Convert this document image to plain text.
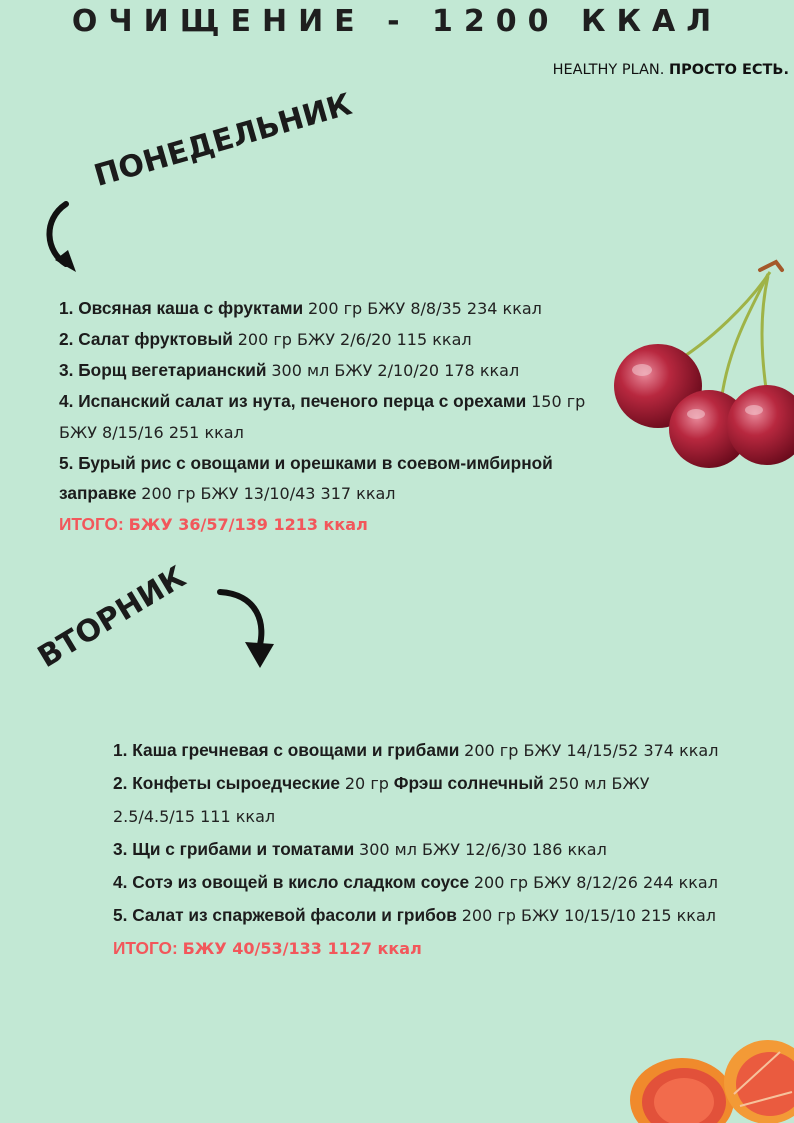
ОЧИЩЕНИЕ - 1200 ККАЛ
HEALTHY PLAN. ПРОСТО ЕСТЬ.
ПОНЕДЕЛЬНИК
1. Овсяная каша с фруктами 200 гр БЖУ 8/8/35 234 ккал
2. Салат фруктовый 200 гр БЖУ 2/6/20 115 ккал
3. Борщ вегетарианский 300 мл БЖУ 2/10/20 178 ккал
4. Испанский салат из нута, печеного перца с орехами 150 гр БЖУ 8/15/16 251 ккал
5. Бурый рис с овощами и орешками в соевом-имбирной заправке 200 гр БЖУ 13/10/43 317 ккал
ИТОГО: БЖУ 36/57/139 1213 ккал
ВТОРНИК
1. Каша гречневая с овощами и грибами 200 гр БЖУ 14/15/52 374 ккал
2. Конфеты сыроедческие 20 гр Фрэш солнечный 250 мл БЖУ 2.5/4.5/15 111 ккал
3. Щи с грибами и томатами 300 мл БЖУ 12/6/30 186 ккал
4. Сотэ из овощей в кисло сладком соусе 200 гр БЖУ 8/12/26 244 ккал
5. Салат из спаржевой фасоли и грибов 200 гр БЖУ 10/15/10 215 ккал
ИТОГО: БЖУ 40/53/133 1127 ккал
